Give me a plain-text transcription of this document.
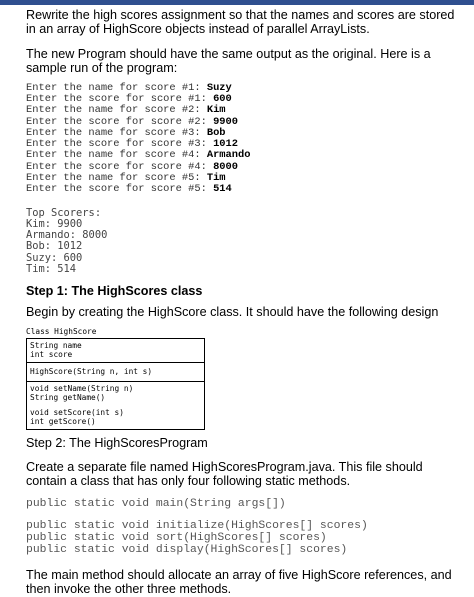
Rewrite the high scores assignment so that the names and scores are stored in an array of HighScore objects instead of parallel ArrayLists.

The new Program should have the same output as the original. Here is a sample run of the program:

Enter the name for score #1: Suzy
Enter the score for score #1: 600
Enter the name for score #2: Kim
Enter the score for score #2: 9900
Enter the name for score #3: Bob
Enter the score for score #3: 1012
Enter the name for score #4: Armando
Enter the score for score #4: 8000
Enter the name for score #5: Tim
Enter the score for score #5: 514
Top Scorers:
Kim: 9900
Armando: 8000
Bob: 1012
Suzy: 600
Tim: 514
Step 1: The HighScores class

Begin by creating the HighScore class. It should have the following design

Class HighScore
String name
int score
HighScore(String n, int s)
void setName(String n)
String getName()
void setScore(int s)
int getScore()
Step 2: The HighScoresProgram

Create a separate file named HighScoresProgram.java. This file should contain a class that has only four following static methods.

public static void main(String args[])
public static void initialize(HighScores[] scores)
public static void sort(HighScores[] scores)
public static void display(HighScores[] scores)

The main method should allocate an array of five HighScore references, and then invoke the other three methods.
